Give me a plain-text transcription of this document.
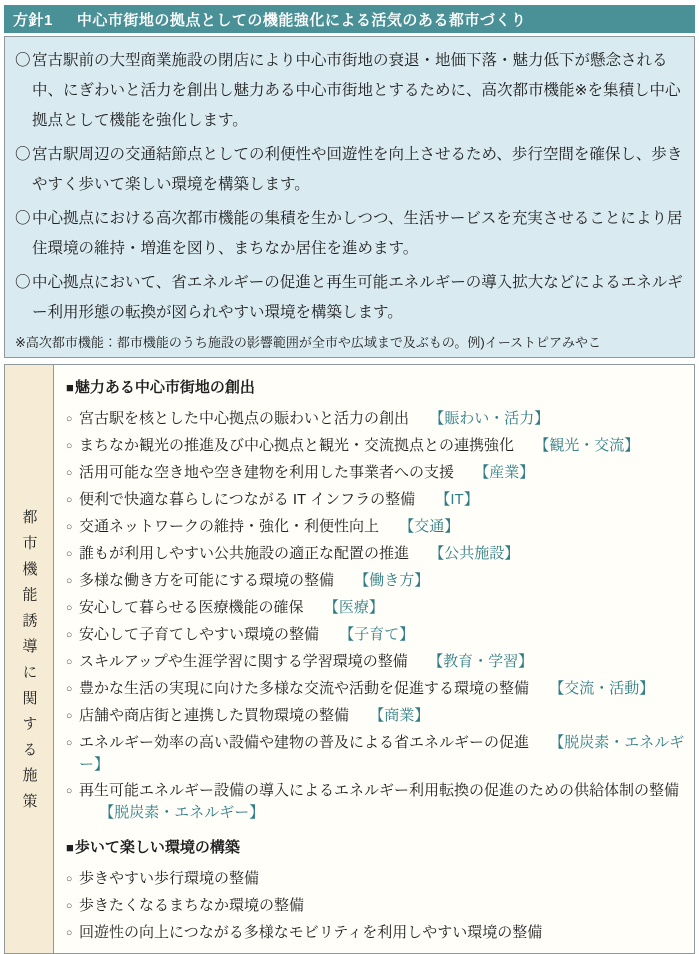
方針1 中心市街地の拠点としての機能強化による活気のある都市づくり
〇宮古駅前の大型商業施設の閉店により中心市街地の衰退・地価下落・魅力低下が懸念される中、にぎわいと活力を創出し魅力ある中心市街地とするために、高次都市機能※を集積し中心拠点として機能を強化します。
〇宮古駅周辺の交通結節点としての利便性や回遊性を向上させるため、歩行空間を確保し、歩きやすく歩いて楽しい環境を構築します。
〇中心拠点における高次都市機能の集積を生かしつつ、生活サービスを充実させることにより居住環境の維持・増進を図り、まちなか居住を進めます。
〇中心拠点において、省エネルギーの促進と再生可能エネルギーの導入拡大などによるエネルギー利用形態の転換が図られやすい環境を構築します。
※高次都市機能：都市機能のうち施設の影響範囲が全市や広域まで及ぶもの。例)イーストピアみやこ
都市機能誘導に関する施策
■魅力ある中心市街地の創出
○ 宮古駅を核とした中心拠点の賑わいと活力の創出 【賑わい・活力】
○ まちなか観光の推進及び中心拠点と観光・交流拠点との連携強化 【観光・交流】
○ 活用可能な空き地や空き建物を利用した事業者への支援 【産業】
○ 便利で快適な暮らしにつながる IT インフラの整備 【IT】
○ 交通ネットワークの維持・強化・利便性向上 【交通】
○ 誰もが利用しやすい公共施設の適正な配置の推進 【公共施設】
○ 多様な働き方を可能にする環境の整備 【働き方】
○ 安心して暮らせる医療機能の確保 【医療】
○ 安心して子育てしやすい環境の整備 【子育て】
○ スキルアップや生涯学習に関する学習環境の整備 【教育・学習】
○ 豊かな生活の実現に向けた多様な交流や活動を促進する環境の整備 【交流・活動】
○ 店舗や商店街と連携した買物環境の整備 【商業】
○ エネルギー効率の高い設備や建物の普及による省エネルギーの促進 【脱炭素・エネルギー】
○ 再生可能エネルギー設備の導入によるエネルギー利用転換の促進のための供給体制の整備【脱炭素・エネルギー】
■歩いて楽しい環境の構築
○ 歩きやすい歩行環境の整備
○ 歩きたくなるまちなか環境の整備
○ 回遊性の向上につながる多様なモビリティを利用しやすい環境の整備
